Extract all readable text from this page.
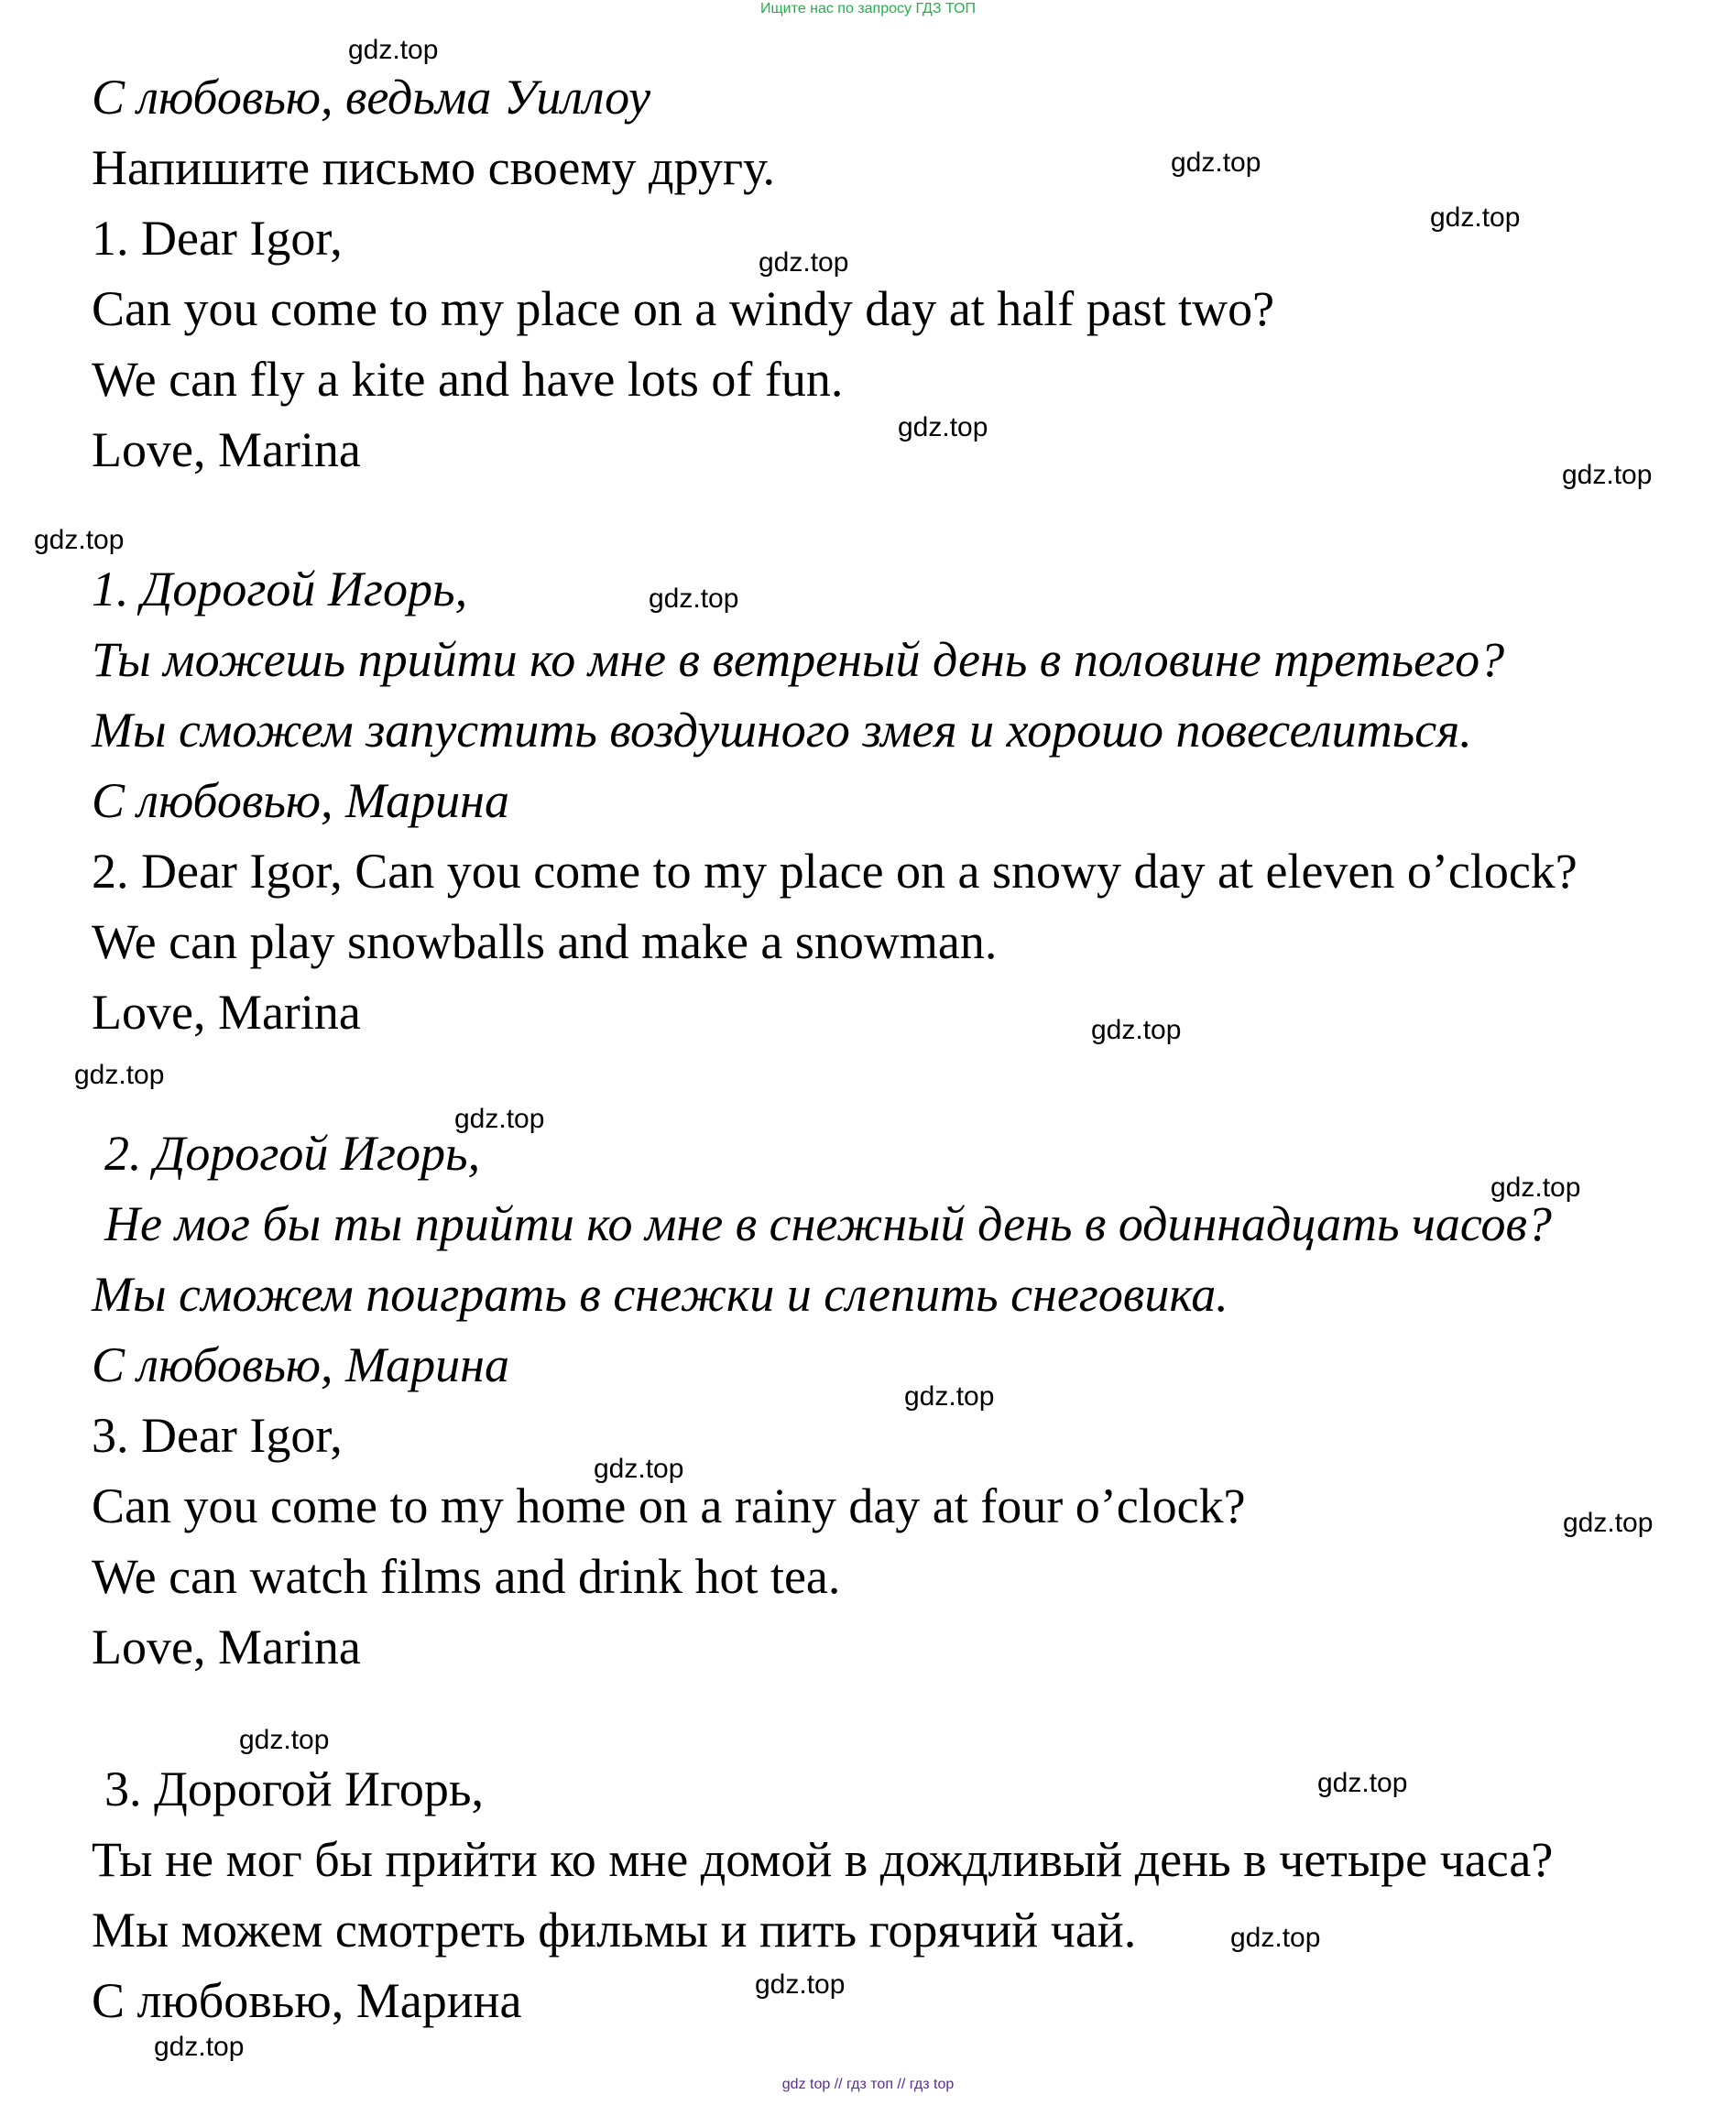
Ищите нас по запросу ГДЗ ТОП
С любовью, ведьма Уиллоу
Напишите письмо своему другу.
1. Dear Igor,
Can you come to my place on a windy day at half past two?
We can fly a kite and have lots of fun.
Love, Marina
1. Дорогой Игорь,
Ты можешь прийти ко мне в ветреный день в половине третьего?
Мы сможем запустить воздушного змея и хорошо повеселиться.
С любовью, Марина
2. Dear Igor, Can you come to my place on a snowy day at eleven o’clock?
We can play snowballs and make a snowman.
Love, Marina
2. Дорогой Игорь,
Не мог бы ты прийти ко мне в снежный день в одиннадцать часов?
Мы сможем поиграть в снежки и слепить снеговика.
С любовью, Марина
3. Dear Igor,
Can you come to my home on a rainy day at four o’clock?
We can watch films and drink hot tea.
Love, Marina
3. Дорогой Игорь,
Ты не мог бы прийти ко мне домой в дождливый день в четыре часа?
Мы можем смотреть фильмы и пить горячий чай.
С любовью, Марина
gdz.top
gdz.top
gdz.top
gdz.top
gdz.top
gdz.top
gdz.top
gdz.top
gdz.top
gdz.top
gdz.top
gdz.top
gdz.top
gdz.top
gdz.top
gdz.top
gdz.top
gdz.top
gdz.top
gdz.top
gdz top // гдз топ // гдз top
